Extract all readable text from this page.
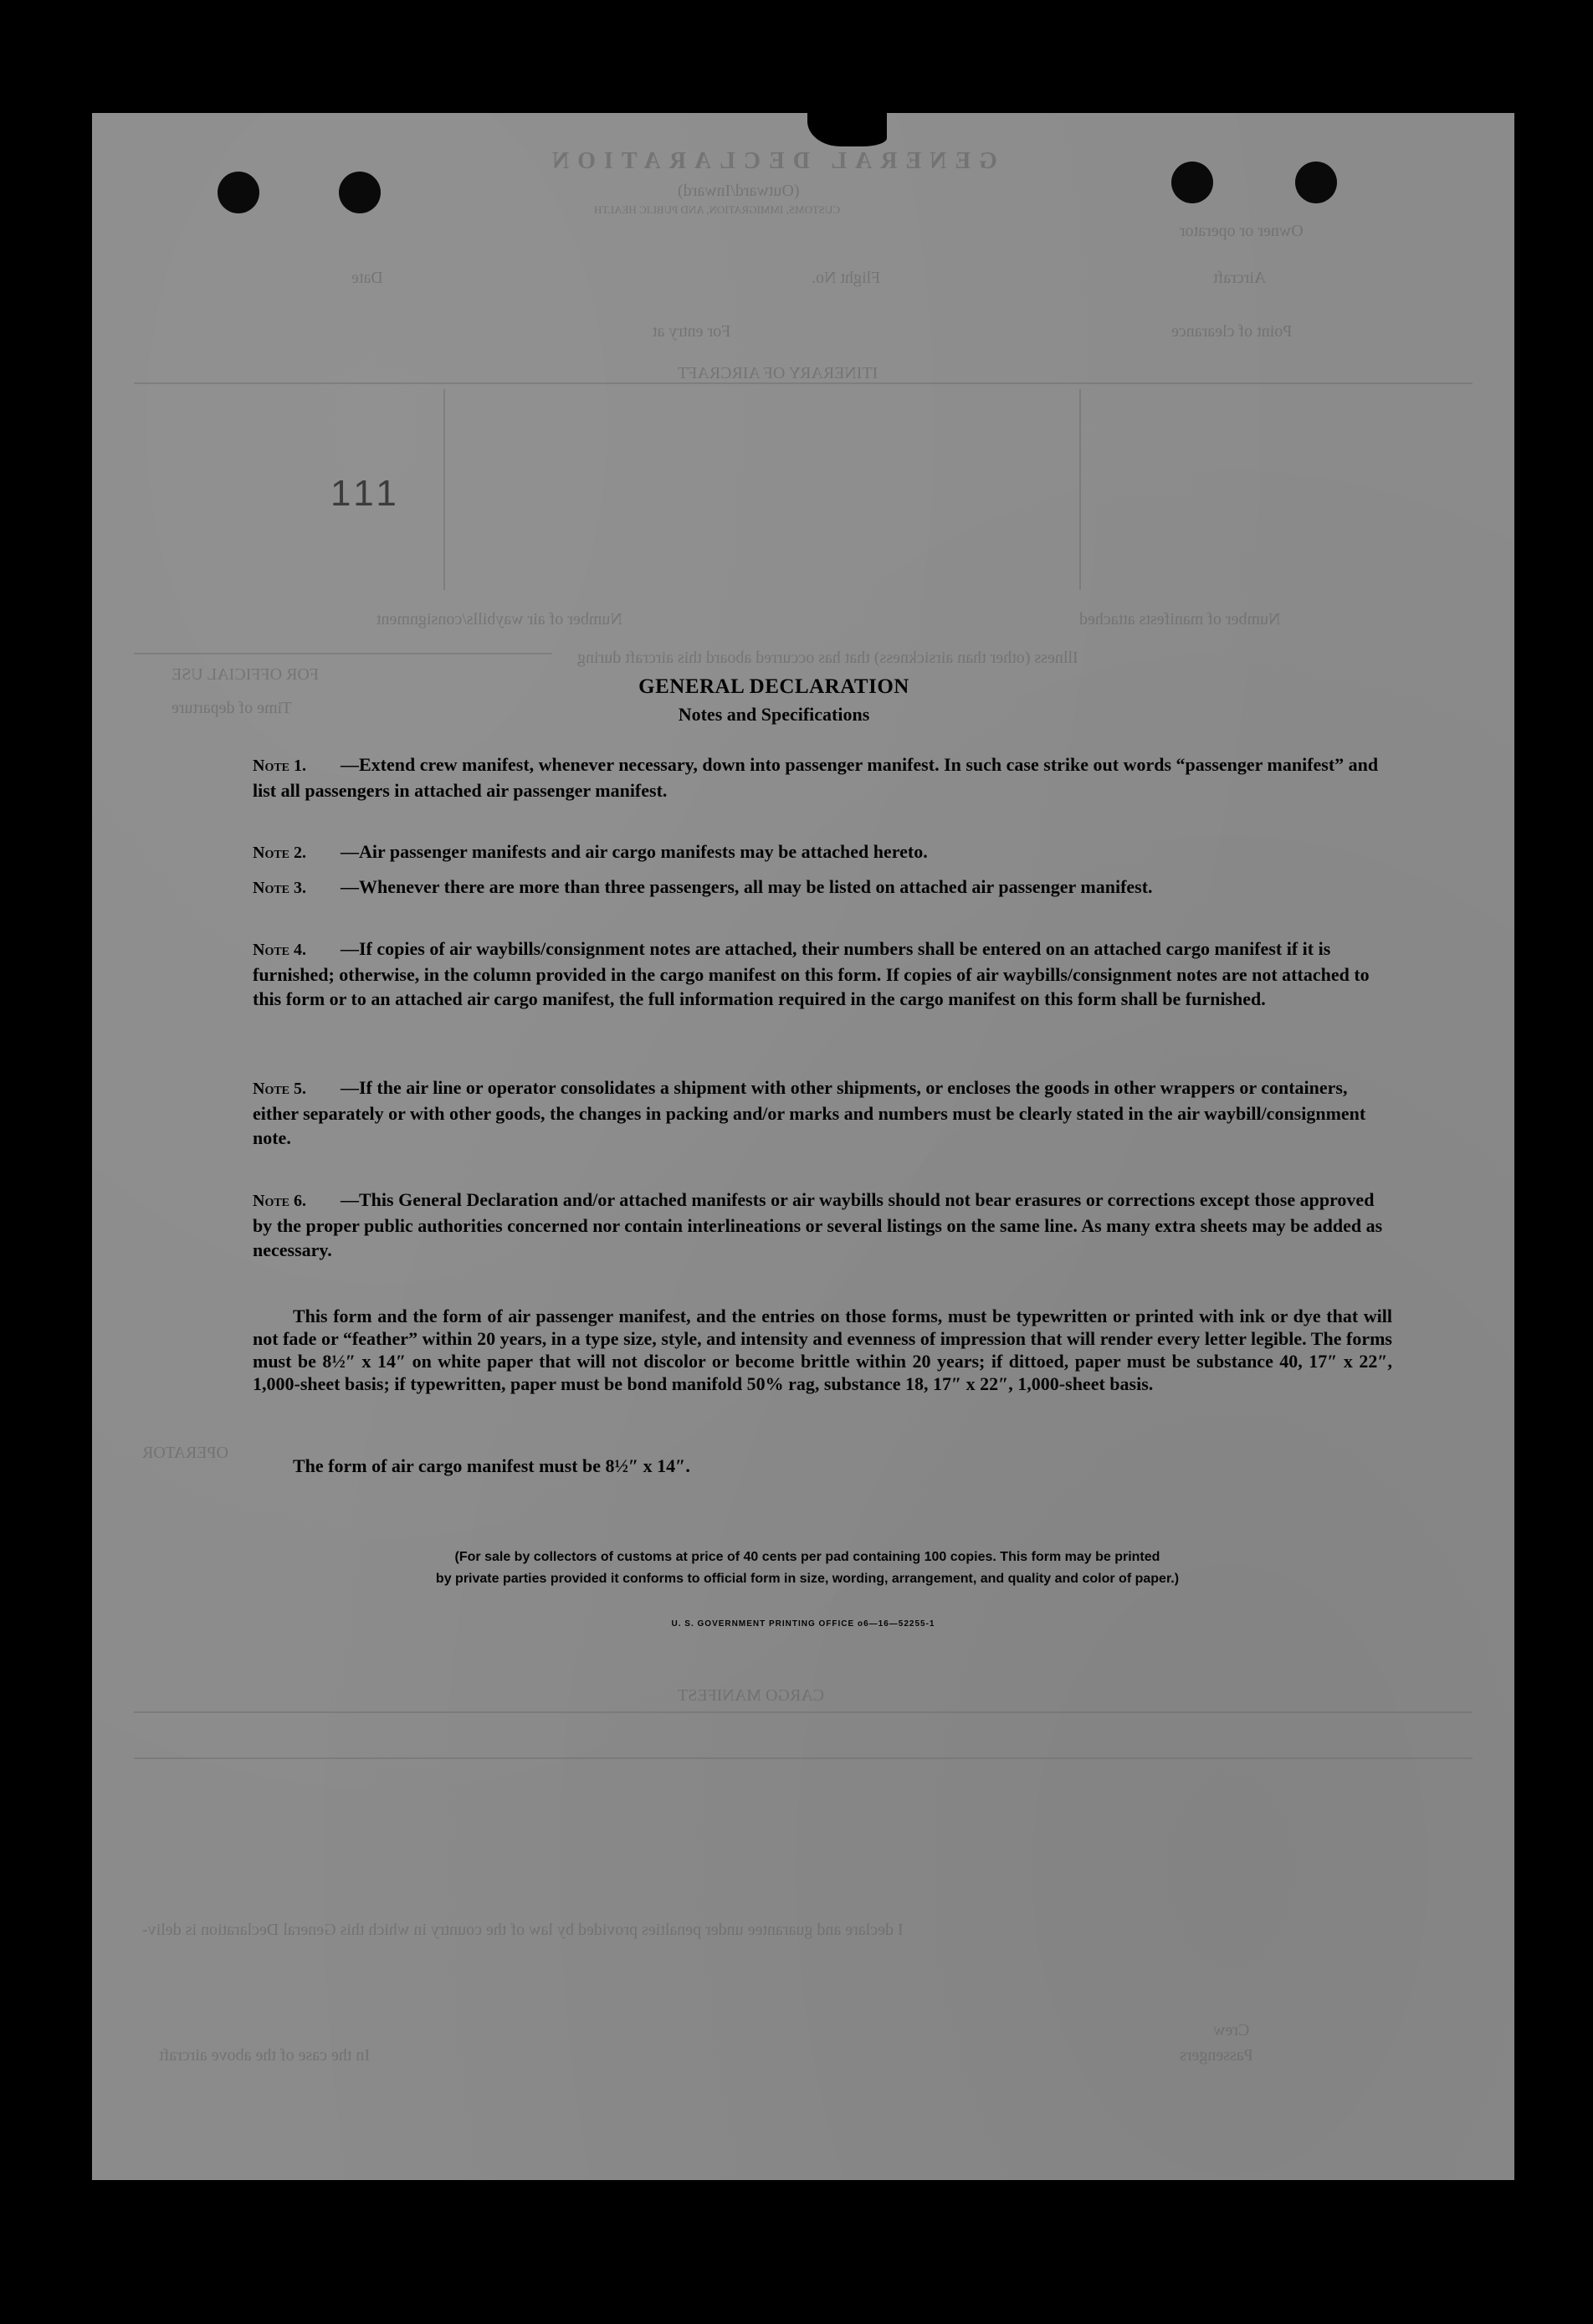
GENERAL DECLARATION
(Outward/Inward)
CUSTOMS, IMMIGRATION, AND PUBLIC HEALTH
Owner or operator
Aircraft
Flight No.
Date
Point of clearance
For entry at
ITINERARY OF AIRCRAFT
111
Number of manifests attached
Number of air waybills/consignment
Illness (other than airsickness) that has occurred aboard this aircraft during
FOR OFFICIAL USE
Time of departure
OPERATOR
CARGO MANIFEST
I declare and guarantee under penalties provided by law of the country in which this General Declaration is deliv-
Crew
Passengers
In the case of the above aircraft
GENERAL DECLARATION
Notes and Specifications
Note 1. —Extend crew manifest, whenever necessary, down into passenger manifest. In such case strike out words “passenger manifest” and list all passengers in attached air passenger manifest.
Note 2. —Air passenger manifests and air cargo manifests may be attached hereto.
Note 3. —Whenever there are more than three passengers, all may be listed on attached air passenger manifest.
Note 4. —If copies of air waybills/consignment notes are attached, their numbers shall be entered on an attached cargo manifest if it is furnished; otherwise, in the column provided in the cargo manifest on this form. If copies of air waybills/consignment notes are not attached to this form or to an attached air cargo manifest, the full information required in the cargo manifest on this form shall be furnished.
Note 5. —If the air line or operator consolidates a shipment with other shipments, or encloses the goods in other wrappers or containers, either separately or with other goods, the changes in packing and/or marks and numbers must be clearly stated in the air waybill/consignment note.
Note 6. —This General Declaration and/or attached manifests or air waybills should not bear erasures or corrections except those approved by the proper public authorities concerned nor contain interlineations or several listings on the same line. As many extra sheets may be added as necessary.
This form and the form of air passenger manifest, and the entries on those forms, must be typewritten or printed with ink or dye that will not fade or “feather” within 20 years, in a type size, style, and intensity and evenness of impression that will render every letter legible. The forms must be 8½″ x 14″ on white paper that will not discolor or become brittle within 20 years; if dittoed, paper must be substance 40, 17″ x 22″, 1,000-sheet basis; if typewritten, paper must be bond manifold 50% rag, substance 18, 17″ x 22″, 1,000-sheet basis.
The form of air cargo manifest must be 8½″ x 14″.
(For sale by collectors of customs at price of 40 cents per pad containing 100 copies. This form may be printed
by private parties provided it conforms to official form in size, wording, arrangement, and quality and color of paper.)
U. S. GOVERNMENT PRINTING OFFICE o6—16—52255-1
